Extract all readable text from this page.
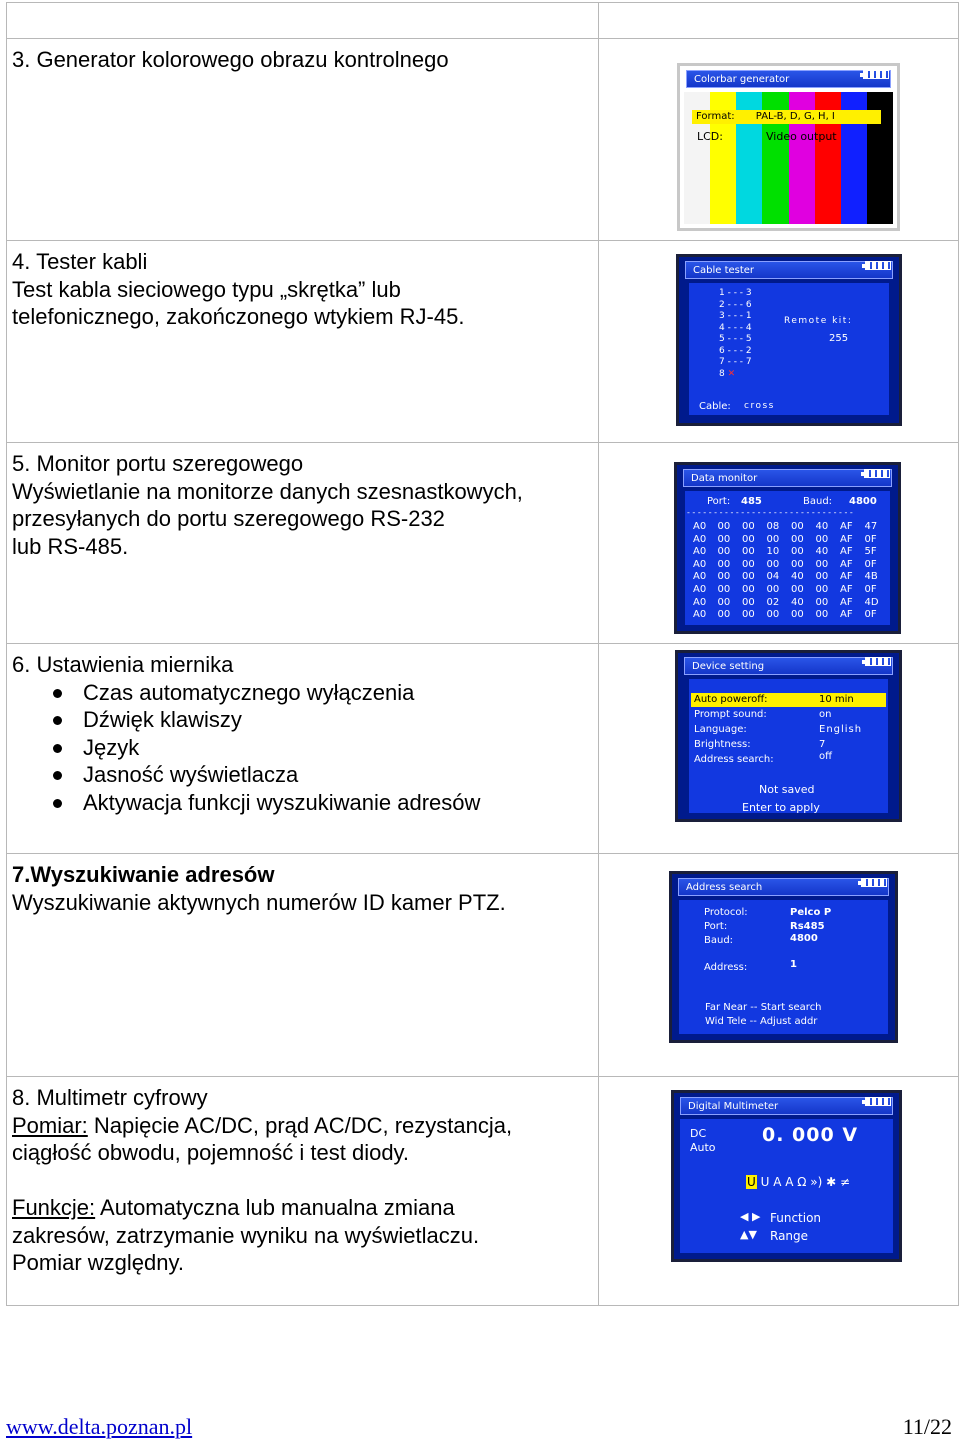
3. Generator kolorowego obrazu kontrolnego
Colorbar generator
Format: PAL-B, D, G, H, I
LCD:	Video output
4. Tester kabli
Test kabla sieciowego typu „skrętka” lub
telefonicznego, zakończonego wtykiem RJ-45.
Cable tester
1 - - - 3
2 - - - 6
3 - - - 1
4 - - - 4
5 - - - 5
6 - - - 2
7 - - - 7
8 ✕
Remote kit:
255
Cable: cross
5. Monitor portu szeregowego
Wyświetlanie na monitorze danych szesnastkowych,
przesyłanych do portu szeregowego RS-232
lub RS-485.
Data monitor
Port: 485	Baud: 4800
- - - - - - - - - - - - - - - - - - - - - - - - - - - - - - -
A0 00 00 08 00 40 AF 47
A0 00 00 00 00 00 AF 0F
A0 00 00 10 00 40 AF 5F
A0 00 00 00 00 00 AF 0F
A0 00 00 04 40 00 AF 4B
A0 00 00 00 00 00 AF 0F
A0 00 00 02 40 00 AF 4D
A0 00 00 00 00 00 AF 0F
6. Ustawienia miernika
Czas automatycznego wyłączenia
Dźwięk klawiszy
Język
Jasność wyświetlacza
Aktywacja funkcji wyszukiwanie adresów
Device setting
Auto poweroff:	10 min
Prompt sound:	on
Language:	English
Brightness:	7
Address search:	off
Not saved
Enter to apply
7.Wyszukiwanie adresów
Wyszukiwanie aktywnych numerów ID kamer PTZ.
Address search
Protocol:	Pelco P
Port:	Rs485
Baud:	4800
Address:	1
Far Near -- Start search
Wid Tele -- Adjust addr
8. Multimetr cyfrowy
Pomiar: Napięcie AC/DC, prąd AC/DC, rezystancja,
ciągłość obwodu, pojemność i test diody.
Funkcje: Automatyczna lub manualna zmiana
zakresów, zatrzymanie wyniku na wyświetlaczu.
Pomiar względny.
Digital Multimeter
DC
Auto
0. 000 V
U U A A Ω ») ✱ ≠
◀ ▶ Function
▲▼ Range
www.delta.poznan.pl	11/22
